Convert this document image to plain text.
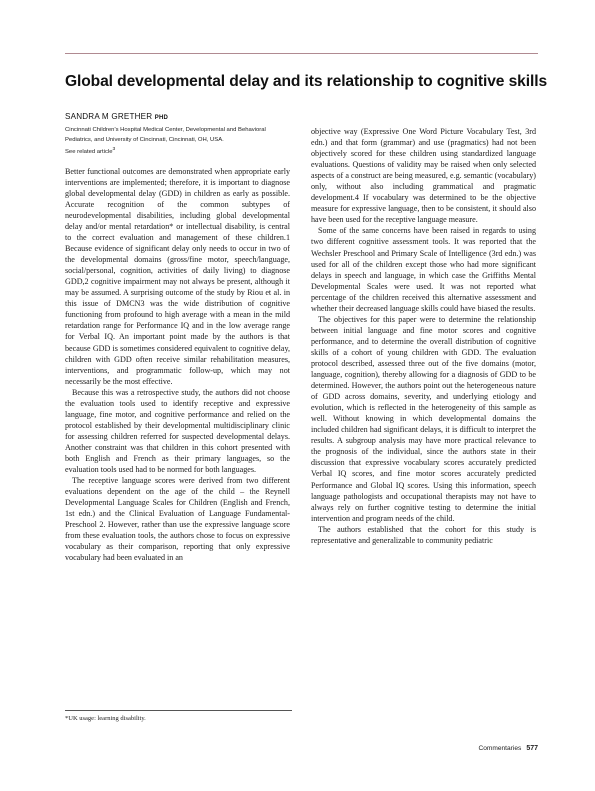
Global developmental delay and its relationship to cognitive skills

SANDRA M GRETHER PHD

Cincinnati Children's Hospital Medical Center, Developmental and Behavioral

Pediatrics, and University of Cincinnati, Cincinnati, OH, USA.

See related article$^3$

Better functional outcomes are demonstrated when appropriate early interventions are implemented; therefore, it is important to diagnose global developmental delay (GDD) in children as early as possible. Accurate recognition of the common subtypes of neurodevelopmental disabilities, including global developmental delay and/or mental retardation* or intellectual disability, is central to the correct evaluation and management of these children.1 Because evidence of significant delay only needs to occur in two of the developmental domains (gross/fine motor, speech/language, social/personal, cognition, activities of daily living) to diagnose GDD,2 cognitive impairment may not always be present, although it may be assumed. A surprising outcome of the study by Riou et al. in this issue of DMCN3 was the wide distribution of cognitive functioning from profound to high average with a mean in the mild retardation range for Performance IQ and in the low average range for Verbal IQ. An important point made by the authors is that because GDD is sometimes considered equivalent to cognitive delay, children with GDD often receive similar rehabilitation measures, interventions, and programmatic follow-up, which may not necessarily be the most effective.

Because this was a retrospective study, the authors did not choose the evaluation tools used to identify receptive and expressive language, fine motor, and cognitive performance and relied on the protocol established by their developmental multidisciplinary clinic for assessing children referred for suspected developmental delays. Another constraint was that children in this cohort presented with both English and French as their primary languages, so the evaluation tools used had to be normed for both languages.

The receptive language scores were derived from two different evaluations dependent on the age of the child – the Reynell Developmental Language Scales for Children (English and French, 1st edn.) and the Clinical Evaluation of Language Fundamental-Preschool 2. However, rather than use the expressive language score from these evaluation tools, the authors chose to focus on expressive vocabulary as their comparison, reporting that only expressive vocabulary had been evaluated in an

objective way (Expressive One Word Picture Vocabulary Test, 3rd edn.) and that form (grammar) and use (pragmatics) had not been objectively scored for these children using standardized language evaluations. Questions of validity may be raised when only selected aspects of a construct are being measured, e.g. semantic (vocabulary) only, without also including grammatical and pragmatic development.4 If vocabulary was determined to be the objective measure for expressive language, then to be consistent, it should also have been used for the receptive language measure.

Some of the same concerns have been raised in regards to using two different cognitive assessment tools. It was reported that the Wechsler Preschool and Primary Scale of Intelligence (3rd edn.) was used for all of the children except those who had more significant delays in speech and language, in which case the Griffiths Mental Developmental Scales were used. It was not reported what percentage of the children received this alternative assessment and whether their decreased language skills could have biased the results.

The objectives for this paper were to determine the relationship between initial language and fine motor scores and cognitive performance, and to determine the overall distribution of cognitive skills of a cohort of young children with GDD. The evaluation protocol described, assessed three out of the five domains (motor, language, cognition), thereby allowing for a diagnosis of GDD to be determined. However, the authors point out the heterogeneous nature of GDD across domains, severity, and underlying etiology and evolution, which is reflected in the heterogeneity of this sample as well. Without knowing in which developmental domains the included children had significant delays, it is difficult to interpret the results. A subgroup analysis may have more practical relevance to the prognosis of the individual, since the authors state in their discussion that expressive vocabulary scores accurately predicted Verbal IQ scores, and fine motor scores accurately predicted Performance and Global IQ scores. Using this information, speech language pathologists and occupational therapists may not have to always rely on further cognitive testing to determine the initial intervention and program needs of the child.

The authors established that the cohort for this study is representative and generalizable to community pediatric

*UK usage: learning disability.

Commentaries 577
